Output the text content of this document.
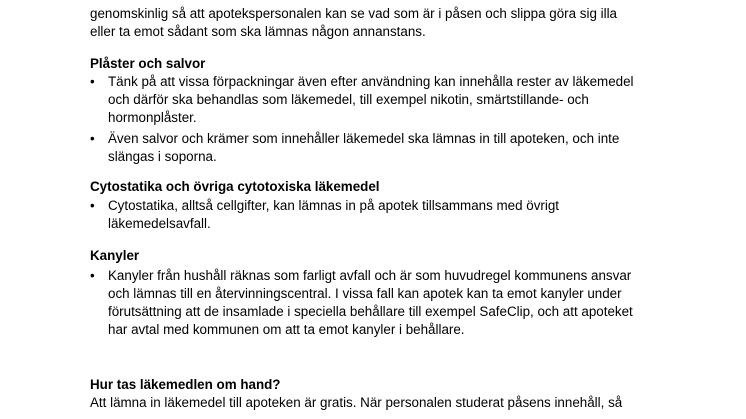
genomskinlig så att apotekspersonalen kan se vad som är i påsen och slippa göra sig illa
eller ta emot sådant som ska lämnas någon annanstans.
Plåster och salvor
• Tänk på att vissa förpackningar även efter användning kan innehålla rester av läkemedel
och därför ska behandlas som läkemedel, till exempel nikotin, smärtstillande- och
hormonplåster.
• Även salvor och krämer som innehåller läkemedel ska lämnas in till apoteken, och inte
slängas i soporna.
Cytostatika och övriga cytotoxiska läkemedel
• Cytostatika, alltså cellgifter, kan lämnas in på apotek tillsammans med övrigt
läkemedelsavfall.
Kanyler
• Kanyler från hushåll räknas som farligt avfall och är som huvudregel kommunens ansvar
och lämnas till en återvinningscentral. I vissa fall kan apotek kan ta emot kanyler under
förutsättning att de insamlade i speciella behållare till exempel SafeClip, och att apoteket
har avtal med kommunen om att ta emot kanyler i behållare.
Hur tas läkemedlen om hand?
Att lämna in läkemedel till apoteken är gratis. När personalen studerat påsens innehåll, så
